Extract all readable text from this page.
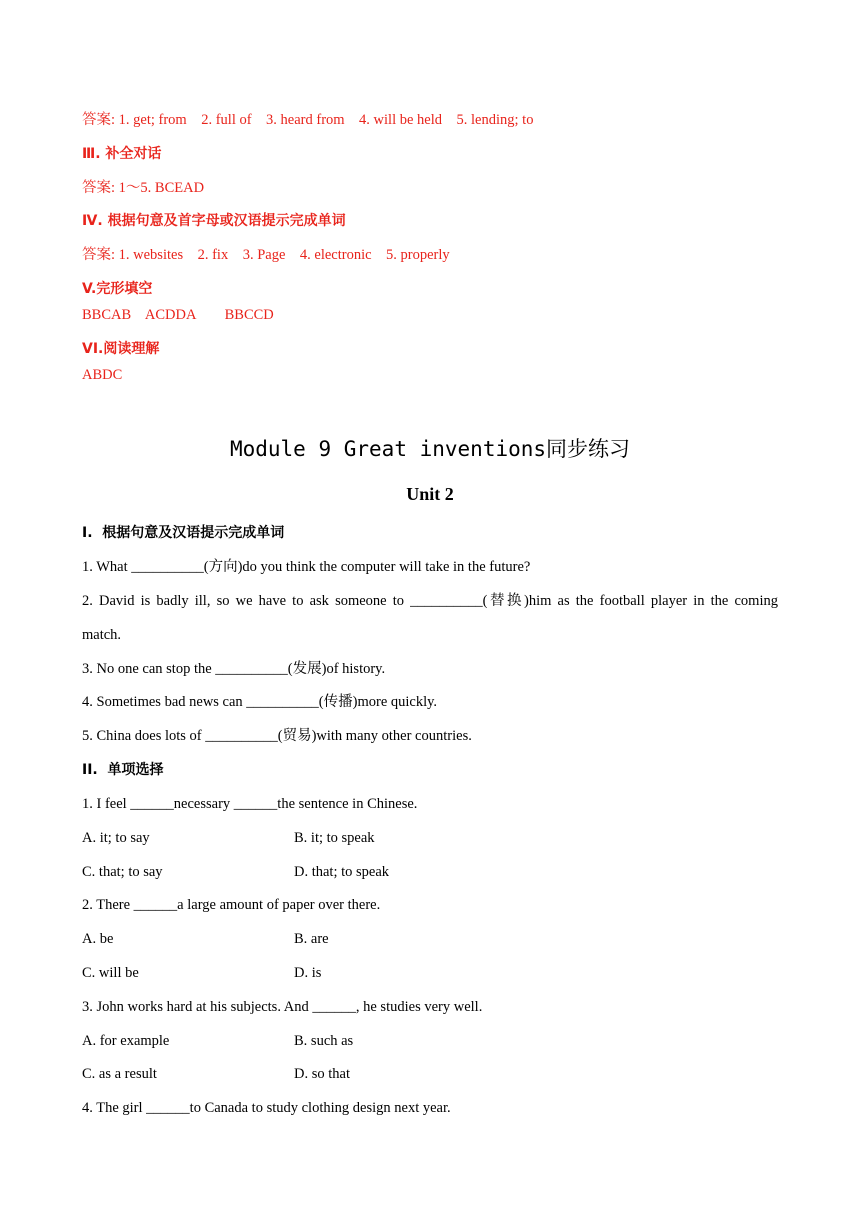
答案: 1. get; from    2. full of    3. heard from    4. will be held    5. lending; to
Ⅲ. 补全对话
答案: 1～5. BCEAD
Ⅳ. 根据句意及首字母或汉语提示完成单词
答案: 1. websites    2. fix    3. Page    4. electronic    5. properly
V.完形填空
BBCAB    ACDDA        BBCCD
VI.阅读理解
ABDC
Module 9 Great inventions同步练习
Unit 2
I.  根据句意及汉语提示完成单词
1. What __________(方向)do you think the computer will take in the future?
2. David is badly ill, so we have to ask someone to __________(替换)him as the football player in the coming
match.
3. No one can stop the __________(发展)of history.
4. Sometimes bad news can __________(传播)more quickly.
5. China does lots of __________(贸易)with many other countries.
II.  单项选择
1. I feel ______necessary ______the sentence in Chinese.
A. it; to say	B. it; to speak
C. that; to say	D. that; to speak
2. There ______a large amount of paper over there.
A. be	B. are
C. will be	D. is
3. John works hard at his subjects. And ______, he studies very well.
A. for example	B. such as
C. as a result	D. so that
4. The girl ______to Canada to study clothing design next year.
